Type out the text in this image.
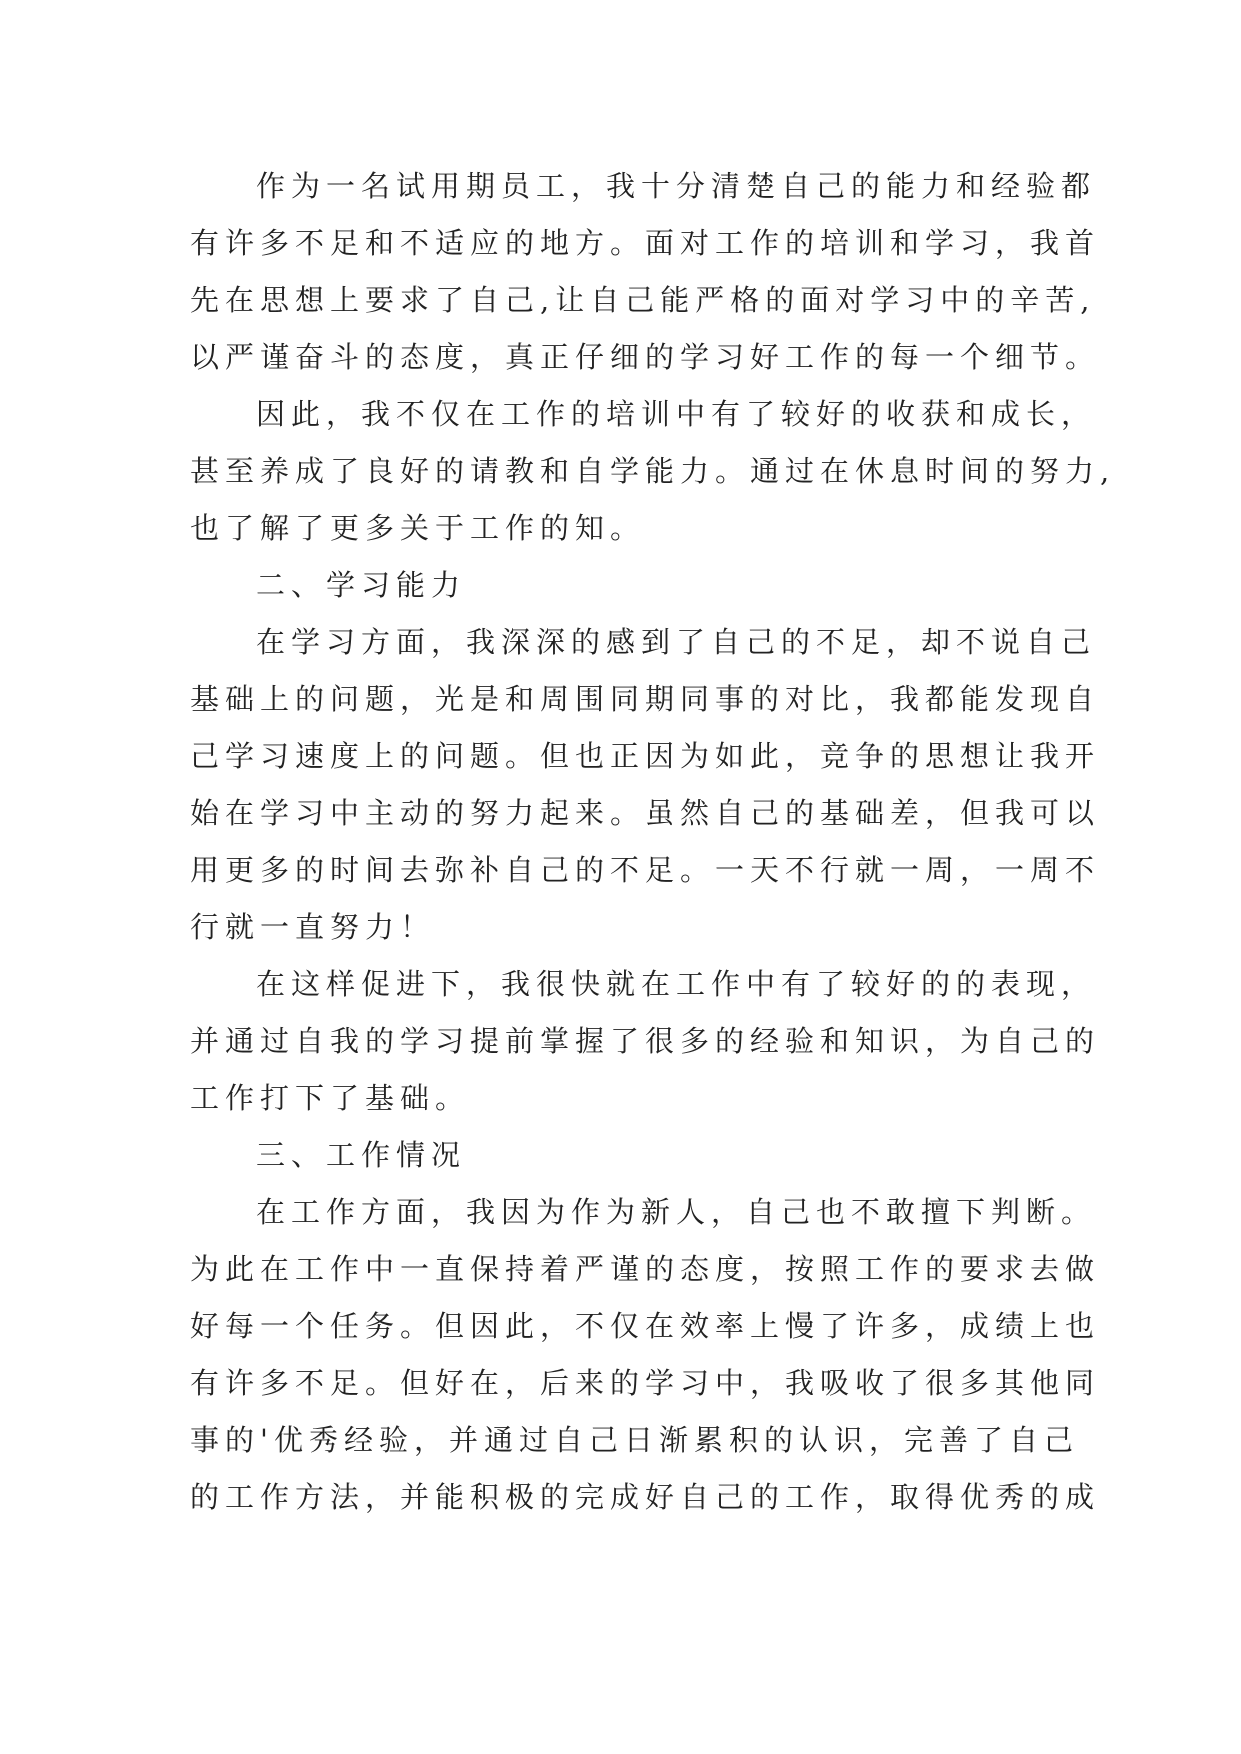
作为一名试用期员工，我十分清楚自己的能力和经验都
有许多不足和不适应的地方。面对工作的培训和学习，我首
先在思想上要求了自己,让自己能严格的面对学习中的辛苦,
以严谨奋斗的态度，真正仔细的学习好工作的每一个细节。
因此，我不仅在工作的培训中有了较好的收获和成长，
甚至养成了良好的请教和自学能力。通过在休息时间的努力,
也了解了更多关于工作的知。
二、学习能力
在学习方面，我深深的感到了自己的不足，却不说自己
基础上的问题，光是和周围同期同事的对比，我都能发现自
己学习速度上的问题。但也正因为如此，竞争的思想让我开
始在学习中主动的努力起来。虽然自己的基础差，但我可以
用更多的时间去弥补自己的不足。一天不行就一周，一周不
行就一直努力！
在这样促进下，我很快就在工作中有了较好的的表现，
并通过自我的学习提前掌握了很多的经验和知识，为自己的
工作打下了基础。
三、工作情况
在工作方面，我因为作为新人，自己也不敢擅下判断。
为此在工作中一直保持着严谨的态度，按照工作的要求去做
好每一个任务。但因此，不仅在效率上慢了许多，成绩上也
有许多不足。但好在，后来的学习中，我吸收了很多其他同
事的'优秀经验，并通过自己日渐累积的认识，完善了自己
的工作方法，并能积极的完成好自己的工作，取得优秀的成
